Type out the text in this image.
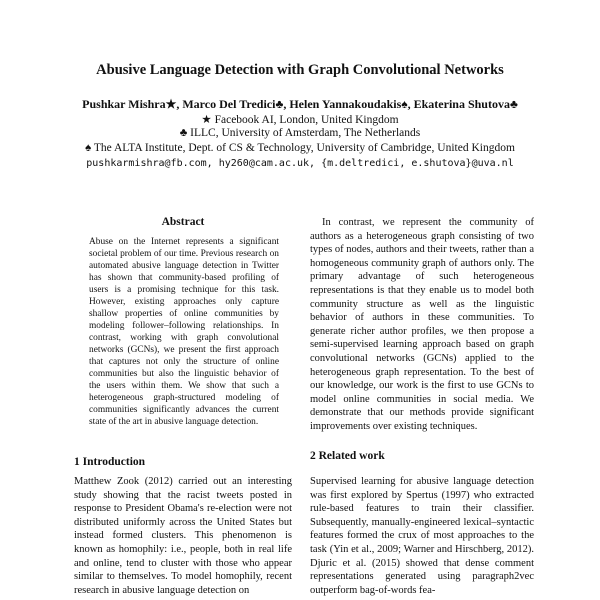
Abusive Language Detection with Graph Convolutional Networks
Pushkar Mishra★, Marco Del Tredici♣, Helen Yannakoudakis♠, Ekaterina Shutova♣
★ Facebook AI, London, United Kingdom
♣ ILLC, University of Amsterdam, The Netherlands
♠ The ALTA Institute, Dept. of CS & Technology, University of Cambridge, United Kingdom
pushkarmishra@fb.com, hy260@cam.ac.uk, {m.deltredici, e.shutova}@uva.nl
Abstract
Abuse on the Internet represents a significant societal problem of our time. Previous research on automated abusive language detection in Twitter has shown that community-based profiling of users is a promising technique for this task. However, existing approaches only capture shallow properties of online communities by modeling follower–following relationships. In contrast, working with graph convolutional networks (GCNs), we present the first approach that captures not only the structure of online communities but also the linguistic behavior of the users within them. We show that such a heterogeneous graph-structured modeling of communities significantly advances the current state of the art in abusive language detection.
1 Introduction
Matthew Zook (2012) carried out an interesting study showing that the racist tweets posted in response to President Obama's re-election were not distributed uniformly across the United States but instead formed clusters. This phenomenon is known as homophily: i.e., people, both in real life and online, tend to cluster with those who appear similar to themselves. To model homophily, recent research in abusive language detection on
In contrast, we represent the community of authors as a heterogeneous graph consisting of two types of nodes, authors and their tweets, rather than a homogeneous community graph of authors only. The primary advantage of such heterogeneous representations is that they enable us to model both community structure as well as the linguistic behavior of authors in these communities. To generate richer author profiles, we then propose a semi-supervised learning approach based on graph convolutional networks (GCNs) applied to the heterogeneous graph representation. To the best of our knowledge, our work is the first to use GCNs to model online communities in social media. We demonstrate that our methods provide significant improvements over existing techniques.
2 Related work
Supervised learning for abusive language detection was first explored by Spertus (1997) who extracted rule-based features to train their classifier. Subsequently, manually-engineered lexical–syntactic features formed the crux of most approaches to the task (Yin et al., 2009; Warner and Hirschberg, 2012). Djuric et al. (2015) showed that dense comment representations generated using paragraph2vec outperform bag-of-words fea-
